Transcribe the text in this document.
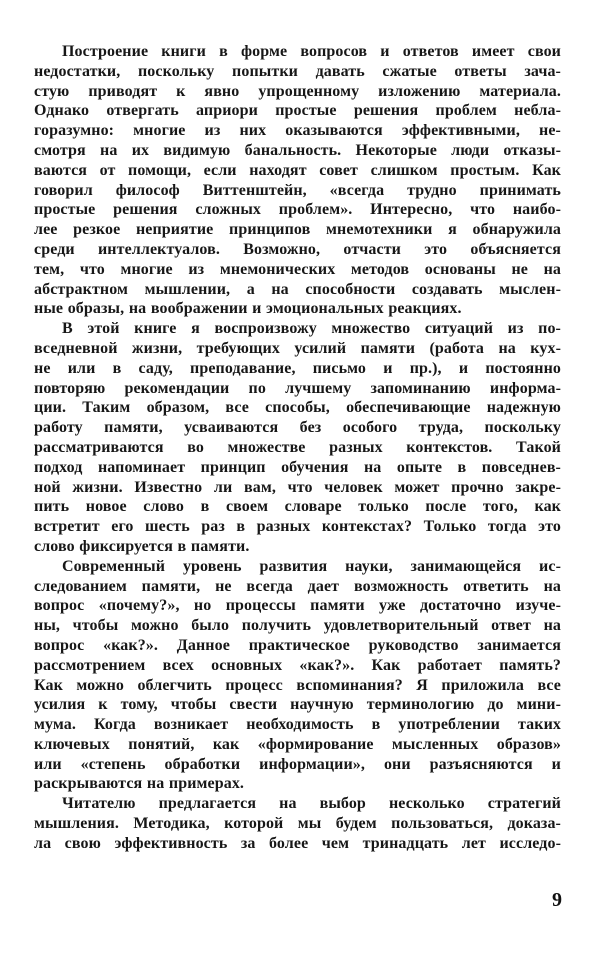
Построение книги в форме вопросов и ответов имеет свои
недостатки, поскольку попытки давать сжатые ответы зача-
стую приводят к явно упрощенному изложению материала.
Однако отвергать априори простые решения проблем небла-
горазумно: многие из них оказываются эффективными, не-
смотря на их видимую банальность. Некоторые люди отказы-
ваются от помощи, если находят совет слишком простым. Как
говорил философ Виттенштейн, «всегда трудно принимать
простые решения сложных проблем». Интересно, что наибо-
лее резкое неприятие принципов мнемотехники я обнаружила
среди интеллектуалов. Возможно, отчасти это объясняется
тем, что многие из мнемонических методов основаны не на
абстрактном мышлении, а на способности создавать мыслен-
ные образы, на воображении и эмоциональных реакциях.
В этой книге я воспроизвожу множество ситуаций из по-
вседневной жизни, требующих усилий памяти (работа на кух-
не или в саду, преподавание, письмо и пр.), и постоянно
повторяю рекомендации по лучшему запоминанию информа-
ции. Таким образом, все способы, обеспечивающие надежную
работу памяти, усваиваются без особого труда, поскольку
рассматриваются во множестве разных контекстов. Такой
подход напоминает принцип обучения на опыте в повседнев-
ной жизни. Известно ли вам, что человек может прочно закре-
пить новое слово в своем словаре только после того, как
встретит его шесть раз в разных контекстах? Только тогда это
слово фиксируется в памяти.
Современный уровень развития науки, занимающейся ис-
следованием памяти, не всегда дает возможность ответить на
вопрос «почему?», но процессы памяти уже достаточно изуче-
ны, чтобы можно было получить удовлетворительный ответ на
вопрос «как?». Данное практическое руководство занимается
рассмотрением всех основных «как?». Как работает память?
Как можно облегчить процесс вспоминания? Я приложила все
усилия к тому, чтобы свести научную терминологию до мини-
мума. Когда возникает необходимость в употреблении таких
ключевых понятий, как «формирование мысленных образов»
или «степень обработки информации», они разъясняются и
раскрываются на примерах.
Читателю предлагается на выбор несколько стратегий
мышления. Методика, которой мы будем пользоваться, доказа-
ла свою эффективность за более чем тринадцать лет исследо-
9
